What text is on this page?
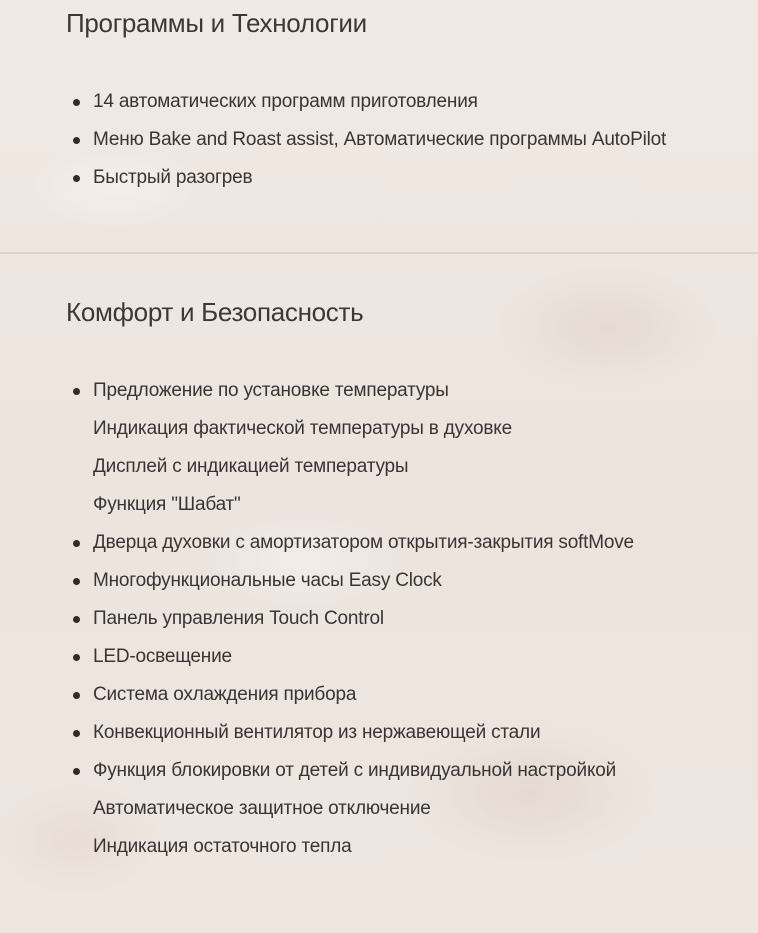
Программы и Технологии
14 автоматических программ приготовления
Меню Bake and Roast assist, Автоматические программы AutoPilot
Быстрый разогрев
Комфорт и Безопасность
Предложение по установке температуры
Индикация фактической температуры в духовке
Дисплей с индикацией температуры
Функция "Шабат"
Дверца духовки с амортизатором открытия-закрытия softMove
Многофункциональные часы Easy Clock
Панель управления Touch Control
LED-освещение
Система охлаждения прибора
Конвекционный вентилятор из нержавеющей стали
Функция блокировки от детей с индивидуальной настройкой
Автоматическое защитное отключение
Индикация остаточного тепла
